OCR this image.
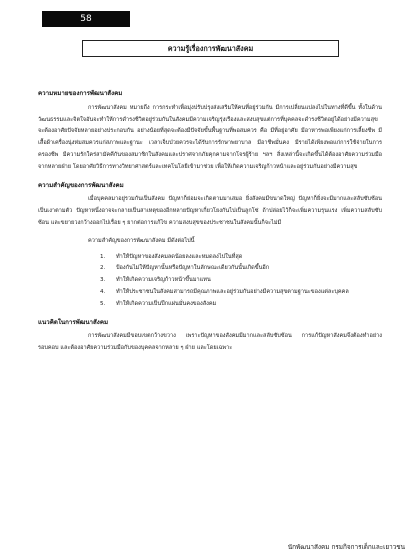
58
ความรู้เรื่องการพัฒนาสังคม
ความหมายของการพัฒนาสังคม

การพัฒนาสังคม หมายถึง การกระทำเพื่อมุ่งปรับปรุงส่งเสริมให้คนที่อยู่ร่วมกัน มีการเปลี่ยนแปลงไปในทางที่ดีขึ้น ทั้งในด้านวัฒนธรรมและจิตใจอันจะทำให้การดำรงชีวิตอยู่ร่วมกันในสังคมมีความเจริญรุ่งเรืองและสงบสุขแต่การที่บุคคลจะดำรงชีวิตอยู่ได้อย่างมีความสุข จะต้องอาศัยปัจจัยหลายอย่างประกอบกัน อย่างน้อยที่สุดจะต้องมีปัจจัยขั้นพื้นฐานที่พอสมควร คือ มีที่อยู่อาศัย มีอาหารพอเพียงแก่การเลี้ยงชีพ มีเสื้อผ้าเครื่องนุ่งห่มสมควรแก่สภาพและฐานะ เวลาเจ็บป่วยควรจะได้รับการรักษาพยาบาล มีอาชีพมั่นคง มีรายได้เพียงพอแก่การใช้จ่ายในการครองชีพ มีความรักใคร่สามัคคีกันของสมาชิกในสังคมและปราศจากภัยคุกคามจากโจรผู้ร้าย ฯลฯ สิ่งเหล่านี้จะเกิดขึ้นได้ต้องอาศัยความร่วมมือจากหลายฝ่าย โดยอาศัยวิธีการทางวิทยาศาสตร์และเทคโนโลยีเข้ามาช่วย เพื่อให้เกิดความเจริญก้าวหน้าและอยู่ร่วมกันอย่างมีความสุข

ความสำคัญของการพัฒนาสังคม

เมื่อบุคคลมาอยู่รวมกันเป็นสังคม ปัญหาก็ย่อมจะเกิดตามมาเสมอ ยิ่งสังคมมีขนาดใหญ่ ปัญหาก็ยิ่งจะมีมากและสลับซับซ้อน เป็นเงาตามตัว ปัญหาหนึ่งอาจจะกลายเป็นสาเหตุของอีกหลายปัญหาเกี่ยวโยงกันไปเป็นลูกโซ่ ถ้าปล่อยไว้ก็จะเพิ่มความรุนแรง เพิ่มความสลับซับซ้อน และขยายวงกว้างออกไปเรื่อย ๆ ยากต่อการแก้ไข ความสงบสุขของประชาชนในสังคมนั้นก็จะไม่มี

ความสำคัญของการพัฒนาสังคม มีดังต่อไปนี้

1. ทำให้ปัญหาของสังคมลดน้อยลงและหมดลงไปในที่สุด
2. ป้องกันไม่ให้ปัญหานั้นหรือปัญหาในลักษณะเดียวกันนั้นเกิดขึ้นอีก
3. ทำให้เกิดความเจริญก้าวหน้าขึ้นมาแทน
4. ทำให้ประชาชนในสังคมสามารถมีคุณภาพและอยู่ร่วมกันอย่างมีความสุขตามฐานะของแต่ละบุคคล
5. ทำให้เกิดความเป็นปึกแผ่นมั่นคงของสังคม
แนวคิดในการพัฒนาสังคม

การพัฒนาสังคมมีขอบเขตกว้างขวาง เพราะปัญหาของสังคมมีมากและสลับซับซ้อน การแก้ปัญหาสังคมจึงต้องทำอย่างรอบคอบ และต้องอาศัยความร่วมมือกับของบุคคลจากหลาย ๆ ฝ่าย และโดยเฉพาะ

นักพัฒนาสังคม กรมกิจการเด็กและเยาวชน
